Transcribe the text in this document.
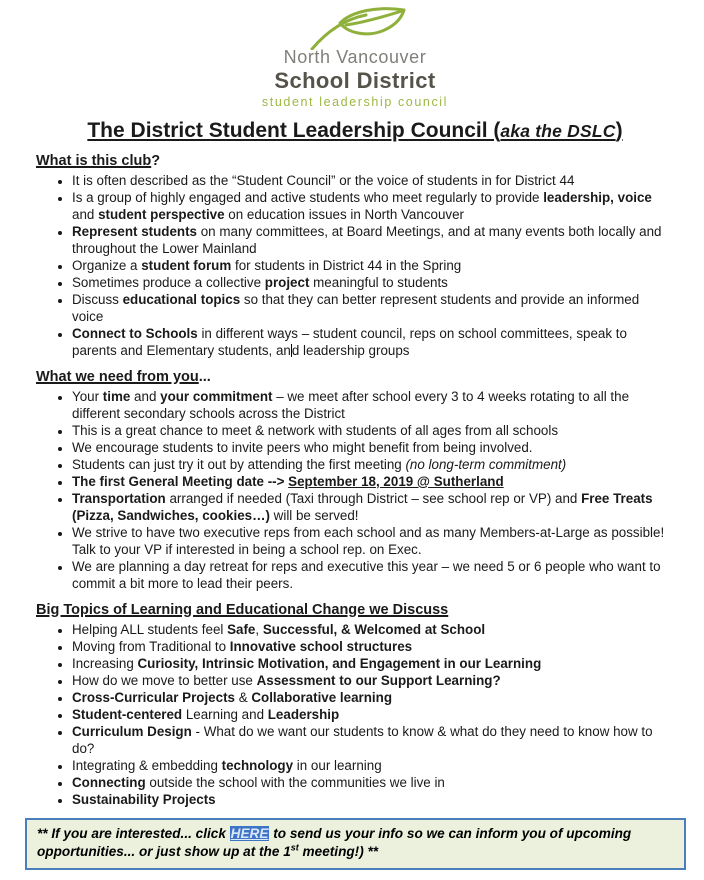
North Vancouver
School District
student leadership council
The District Student Leadership Council (aka the DSLC)
What is this club?
• It is often described as the “Student Council” or the voice of students in for District 44
• Is a group of highly engaged and active students who meet regularly to provide leadership, voice and student perspective on education issues in North Vancouver
• Represent students on many committees, at Board Meetings, and at many events both locally and throughout the Lower Mainland
• Organize a student forum for students in District 44 in the Spring
• Sometimes produce a collective project meaningful to students
• Discuss educational topics so that they can better represent students and provide an informed voice
• Connect to Schools in different ways – student council, reps on school committees, speak to parents and Elementary students, and leadership groups
What we need from you...
• Your time and your commitment – we meet after school every 3 to 4 weeks rotating to all the different secondary schools across the District
• This is a great chance to meet & network with students of all ages from all schools
• We encourage students to invite peers who might benefit from being involved.
• Students can just try it out by attending the first meeting (no long-term commitment)
• The first General Meeting date --> September 18, 2019 @ Sutherland
• Transportation arranged if needed (Taxi through District – see school rep or VP) and Free Treats (Pizza, Sandwiches, cookies…) will be served!
• We strive to have two executive reps from each school and as many Members-at-Large as possible! Talk to your VP if interested in being a school rep. on Exec.
• We are planning a day retreat for reps and executive this year – we need 5 or 6 people who want to commit a bit more to lead their peers.
Big Topics of Learning and Educational Change we Discuss
• Helping ALL students feel Safe, Successful, & Welcomed at School
• Moving from Traditional to Innovative school structures
• Increasing Curiosity, Intrinsic Motivation, and Engagement in our Learning
• How do we move to better use Assessment to our Support Learning?
• Cross-Curricular Projects & Collaborative learning
• Student-centered Learning and Leadership
• Curriculum Design - What do we want our students to know & what do they need to know how to do?
• Integrating & embedding technology in our learning
• Connecting outside the school with the communities we live in
• Sustainability Projects
** If you are interested... click HERE to send us your info so we can inform you of upcoming opportunities... or just show up at the 1st meeting!) **
